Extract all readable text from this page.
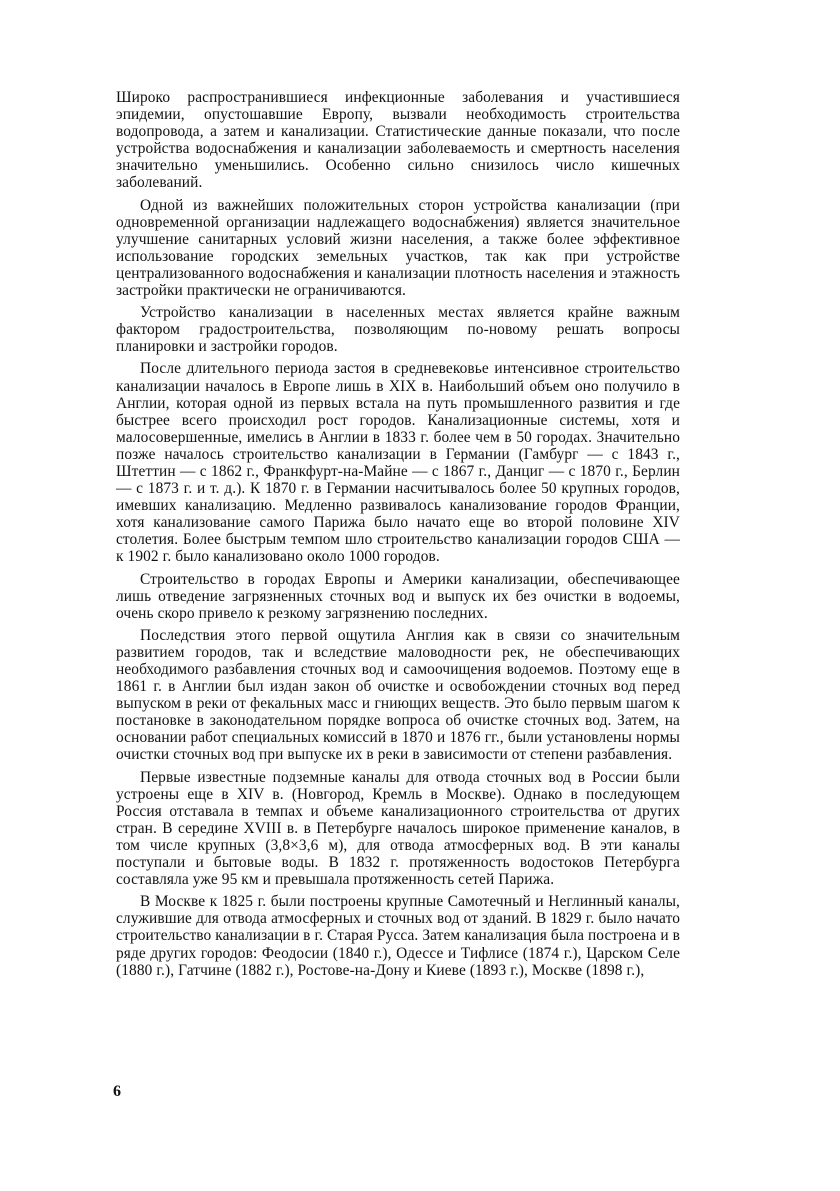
Широко распространившиеся инфекционные заболевания и участившиеся эпидемии, опустошавшие Европу, вызвали необходимость строительства водопровода, а затем и канализации. Статистические данные показали, что после устройства водоснабжения и канализации заболеваемость и смертность населения значительно уменьшились. Особенно сильно снизилось число кишечных заболеваний.

Одной из важнейших положительных сторон устройства канализации (при одновременной организации надлежащего водоснабжения) является значительное улучшение санитарных условий жизни населения, а также более эффективное использование городских земельных участков, так как при устройстве централизованного водоснабжения и канализации плотность населения и этажность застройки практически не ограничиваются.

Устройство канализации в населенных местах является крайне важным фактором градостроительства, позволяющим по-новому решать вопросы планировки и застройки городов.

После длительного периода застоя в средневековье интенсивное строительство канализации началось в Европе лишь в XIX в. Наибольший объем оно получило в Англии, которая одной из первых встала на путь промышленного развития и где быстрее всего происходил рост городов. Канализационные системы, хотя и малосовершенные, имелись в Англии в 1833 г. более чем в 50 городах. Значительно позже началось строительство канализации в Германии (Гамбург — с 1843 г., Штеттин — с 1862 г., Франкфурт-на-Майне — с 1867 г., Данциг — с 1870 г., Берлин — с 1873 г. и т. д.). К 1870 г. в Германии насчитывалось более 50 крупных городов, имевших канализацию. Медленно развивалось канализование городов Франции, хотя канализование самого Парижа было начато еще во второй половине XIV столетия. Более быстрым темпом шло строительство канализации городов США — к 1902 г. было канализовано около 1000 городов.

Строительство в городах Европы и Америки канализации, обеспечивающее лишь отведение загрязненных сточных вод и выпуск их без очистки в водоемы, очень скоро привело к резкому загрязнению последних.

Последствия этого первой ощутила Англия как в связи со значительным развитием городов, так и вследствие маловодности рек, не обеспечивающих необходимого разбавления сточных вод и самоочищения водоемов. Поэтому еще в 1861 г. в Англии был издан закон об очистке и освобождении сточных вод перед выпуском в реки от фекальных масс и гниющих веществ. Это было первым шагом к постановке в законодательном порядке вопроса об очистке сточных вод. Затем, на основании работ специальных комиссий в 1870 и 1876 гг., были установлены нормы очистки сточных вод при выпуске их в реки в зависимости от степени разбавления.

Первые известные подземные каналы для отвода сточных вод в России были устроены еще в XIV в. (Новгород, Кремль в Москве). Однако в последующем Россия отставала в темпах и объеме канализационного строительства от других стран. В середине XVIII в. в Петербурге началось широкое применение каналов, в том числе крупных (3,8×3,6 м), для отвода атмосферных вод. В эти каналы поступали и бытовые воды. В 1832 г. протяженность водостоков Петербурга составляла уже 95 км и превышала протяженность сетей Парижа.

В Москве к 1825 г. были построены крупные Самотечный и Неглинный каналы, служившие для отвода атмосферных и сточных вод от зданий. В 1829 г. было начато строительство канализации в г. Старая Русса. Затем канализация была построена и в ряде других городов: Феодосии (1840 г.), Одессе и Тифлисе (1874 г.), Царском Селе (1880 г.), Гатчине (1882 г.), Ростове-на-Дону и Киеве (1893 г.), Москве (1898 г.),

6
